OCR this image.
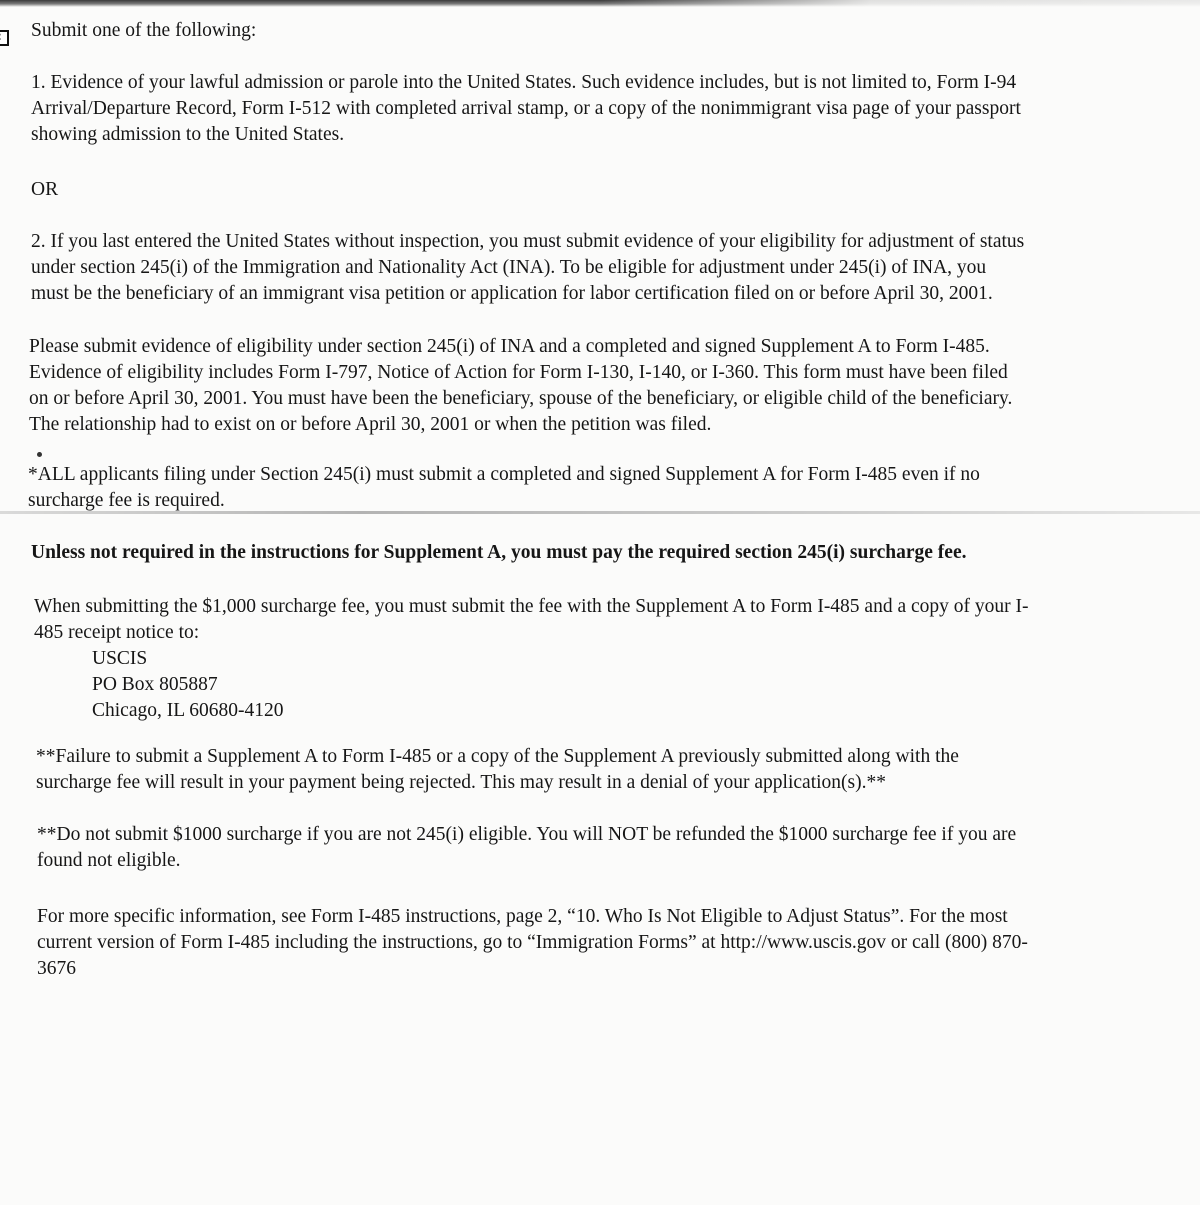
Submit one of the following:

1. Evidence of your lawful admission or parole into the United States. Such evidence includes, but is not limited to, Form I-94
Arrival/Departure Record, Form I-512 with completed arrival stamp, or a copy of the nonimmigrant visa page of your passport
showing admission to the United States.

OR

2. If you last entered the United States without inspection, you must submit evidence of your eligibility for adjustment of status
under section 245(i) of the Immigration and Nationality Act (INA). To be eligible for adjustment under 245(i) of INA, you
must be the beneficiary of an immigrant visa petition or application for labor certification filed on or before April 30, 2001.

Please submit evidence of eligibility under section 245(i) of INA and a completed and signed Supplement A to Form I-485.
Evidence of eligibility includes Form I-797, Notice of Action for Form I-130, I-140, or I-360. This form must have been filed
on or before April 30, 2001. You must have been the beneficiary, spouse of the beneficiary, or eligible child of the beneficiary.
The relationship had to exist on or before April 30, 2001 or when the petition was filed.

*ALL applicants filing under Section 245(i) must submit a completed and signed Supplement A for Form I-485 even if no
surcharge fee is required.

Unless not required in the instructions for Supplement A, you must pay the required section 245(i) surcharge fee.

When submitting the $1,000 surcharge fee, you must submit the fee with the Supplement A to Form I-485 and a copy of your I-
485 receipt notice to:

USCIS
PO Box 805887
Chicago, IL 60680-4120

**Failure to submit a Supplement A to Form I-485 or a copy of the Supplement A previously submitted along with the
surcharge fee will result in your payment being rejected. This may result in a denial of your application(s).**

**Do not submit $1000 surcharge if you are not 245(i) eligible. You will NOT be refunded the $1000 surcharge fee if you are
found not eligible.

For more specific information, see Form I-485 instructions, page 2, “10. Who Is Not Eligible to Adjust Status”. For the most
current version of Form I-485 including the instructions, go to “Immigration Forms” at http://www.uscis.gov or call (800) 870-
3676
